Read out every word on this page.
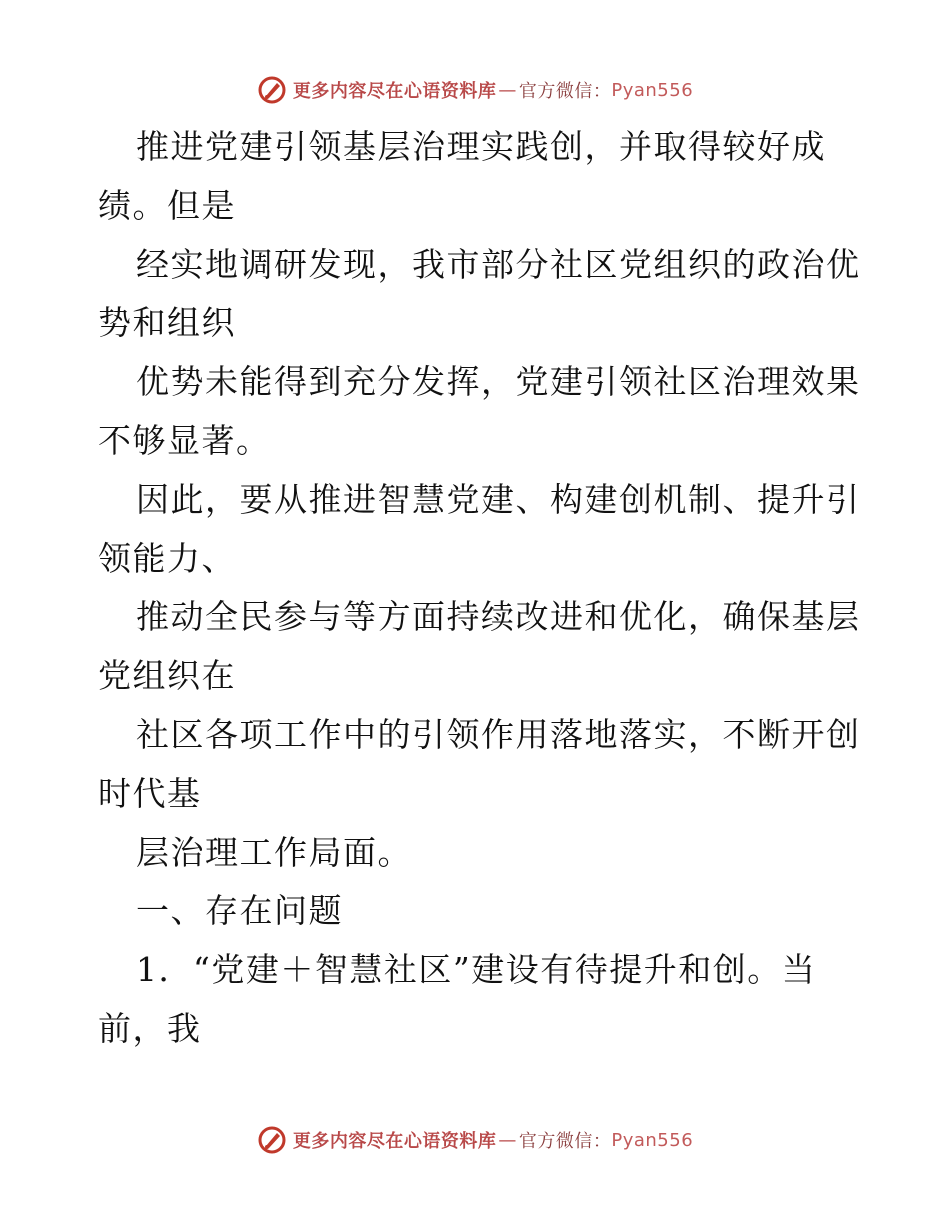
更多内容尽在心语资料库 — 官方微信： Pyan556
推进党建引领基层治理实践创，并取得较好成
绩。但是
经实地调研发现，我市部分社区党组织的政治优
势和组织
优势未能得到充分发挥，党建引领社区治理效果
不够显著。
因此，要从推进智慧党建、构建创机制、提升引
领能力、
推动全民参与等方面持续改进和优化，确保基层
党组织在
社区各项工作中的引领作用落地落实，不断开创
时代基
层治理工作局面。
一、存在问题
1．“党建＋智慧社区”建设有待提升和创。当
前，我
更多内容尽在心语资料库 — 官方微信： Pyan556
